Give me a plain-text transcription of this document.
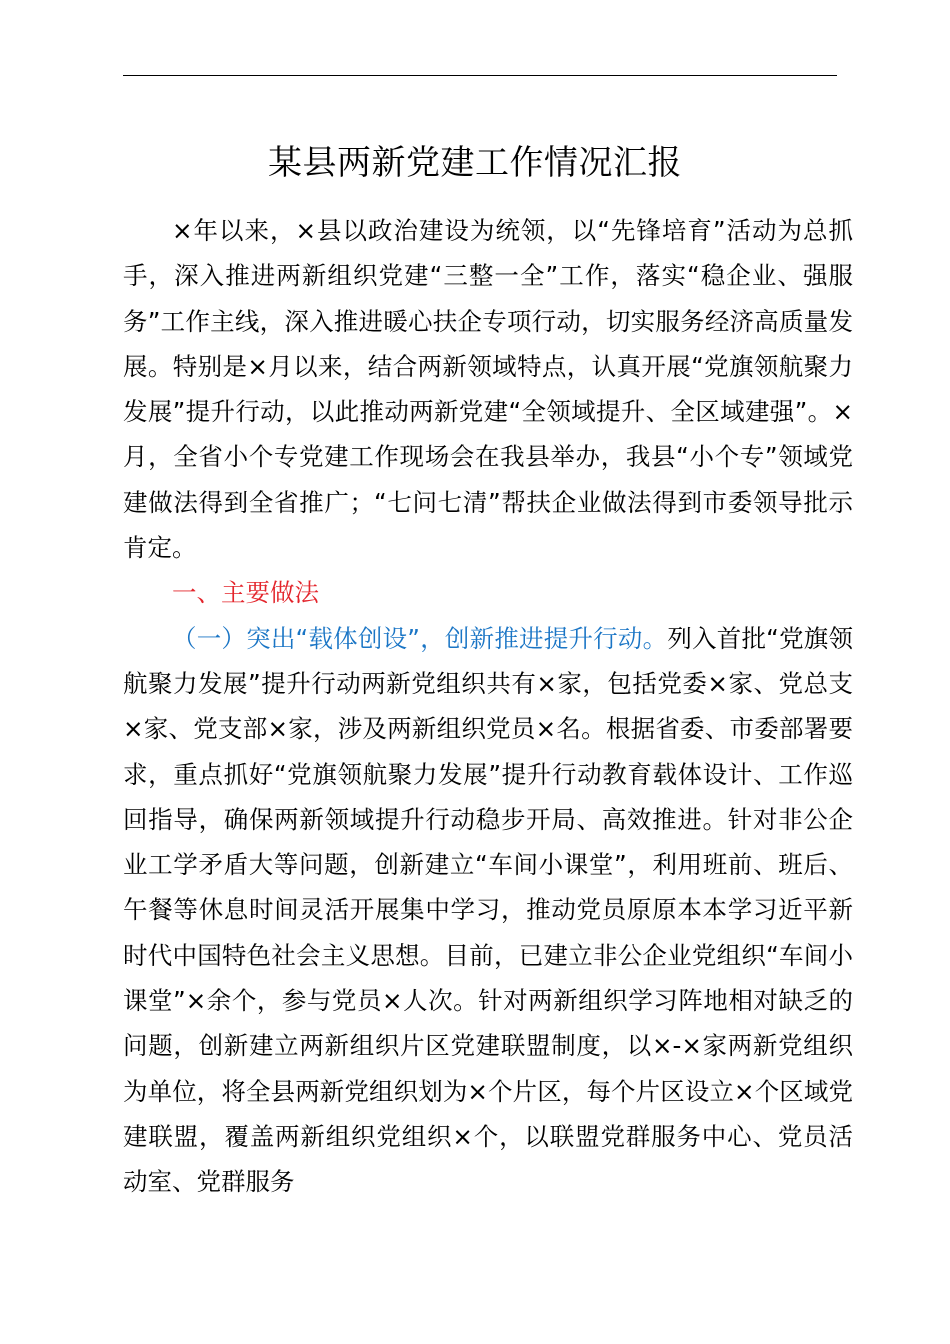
某县两新党建工作情况汇报

×年以来，×县以政治建设为统领，以“先锋培育”活动为总抓手，深入推进两新组织党建“三整一全”工作，落实“稳企业、强服务”工作主线，深入推进暖心扶企专项行动，切实服务经济高质量发展。特别是×月以来，结合两新领域特点，认真开展“党旗领航聚力发展”提升行动，以此推动两新党建“全领域提升、全区域建强”。×月，全省小个专党建工作现场会在我县举办，我县“小个专”领域党建做法得到全省推广；“七问七清”帮扶企业做法得到市委领导批示肯定。

一、主要做法

（一）突出“载体创设”，创新推进提升行动。列入首批“党旗领航聚力发展”提升行动两新党组织共有×家，包括党委×家、党总支×家、党支部×家，涉及两新组织党员×名。根据省委、市委部署要求，重点抓好“党旗领航聚力发展”提升行动教育载体设计、工作巡回指导，确保两新领域提升行动稳步开局、高效推进。针对非公企业工学矛盾大等问题，创新建立“车间小课堂”，利用班前、班后、午餐等休息时间灵活开展集中学习，推动党员原原本本学习近平新时代中国特色社会主义思想。目前，已建立非公企业党组织“车间小课堂”×余个，参与党员×人次。针对两新组织学习阵地相对缺乏的问题，创新建立两新组织片区党建联盟制度，以×-×家两新党组织为单位，将全县两新党组织划为×个片区，每个片区设立×个区域党建联盟，覆盖两新组织党组织×个，以联盟党群服务中心、党员活动室、党群服务
